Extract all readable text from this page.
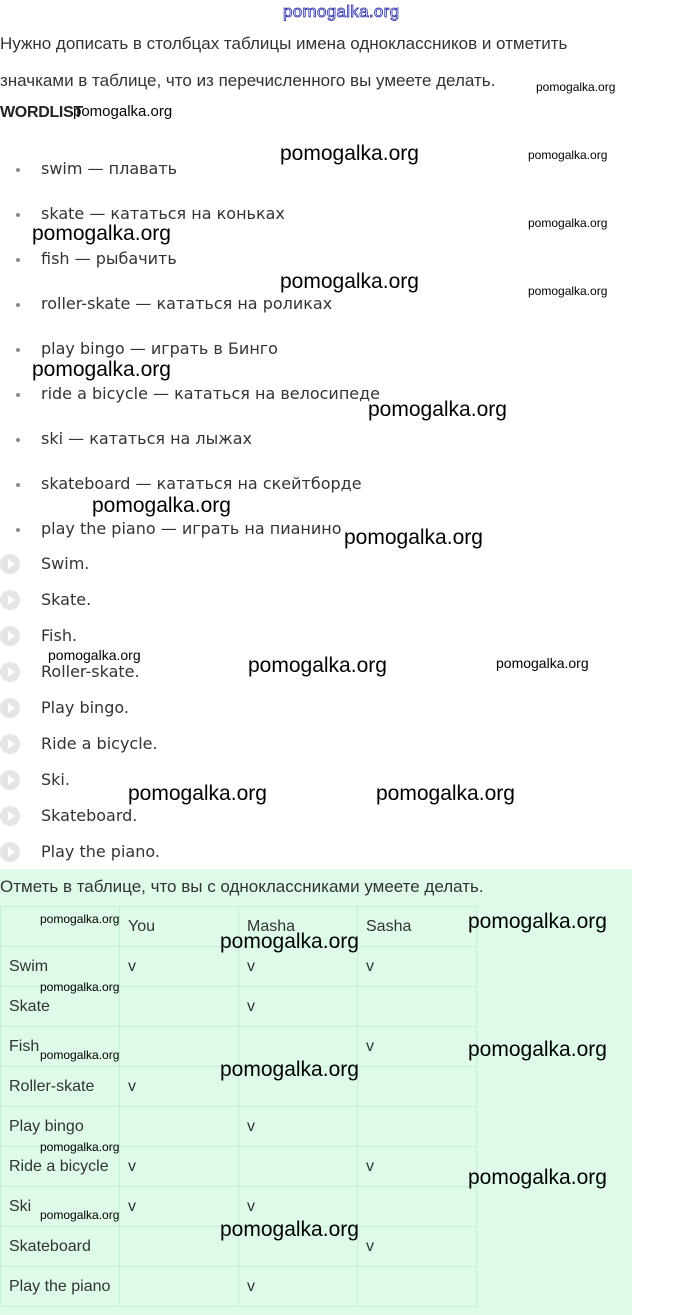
pomogalka.org
Нужно дописать в столбцах таблицы имена одноклассников и отметить
значками в таблице, что из перечисленного вы умеете делать.
WORDLIST
swim — плавать
skate — кататься на коньках
fish — рыбачить
roller-skate — кататься на роликах
play bingo — играть в Бинго
ride a bicycle — кататься на велосипеде
ski — кататься на лыжах
skateboard — кататься на скейтборде
play the piano — играть на пианино
Swim.
Skate.
Fish.
Roller-skate.
Play bingo.
Ride a bicycle.
Ski.
Skateboard.
Play the piano.
Отметь в таблице, что вы с одноклассниками умеете делать.
	You	Masha	Sasha
Swim	v	v	v
Skate		v	
Fish			v
Roller-skate	v		
Play bingo		v	
Ride a bicycle	v		v
Ski	v	v	
Skateboard			v
Play the piano		v	
pomogalka.org
pomogalka.org
pomogalka.org	pomogalka.org
pomogalka.org
pomogalka.org
pomogalka.org	pomogalka.org
pomogalka.org
pomogalka.org
pomogalka.org
pomogalka.org
pomogalka.org	pomogalka.org	pomogalka.org
pomogalka.org	pomogalka.org
pomogalka.org	pomogalka.org
pomogalka.org
pomogalka.org
pomogalka.org
pomogalka.org
pomogalka.org
pomogalka.org
pomogalka.org
pomogalka.org
pomogalka.org
